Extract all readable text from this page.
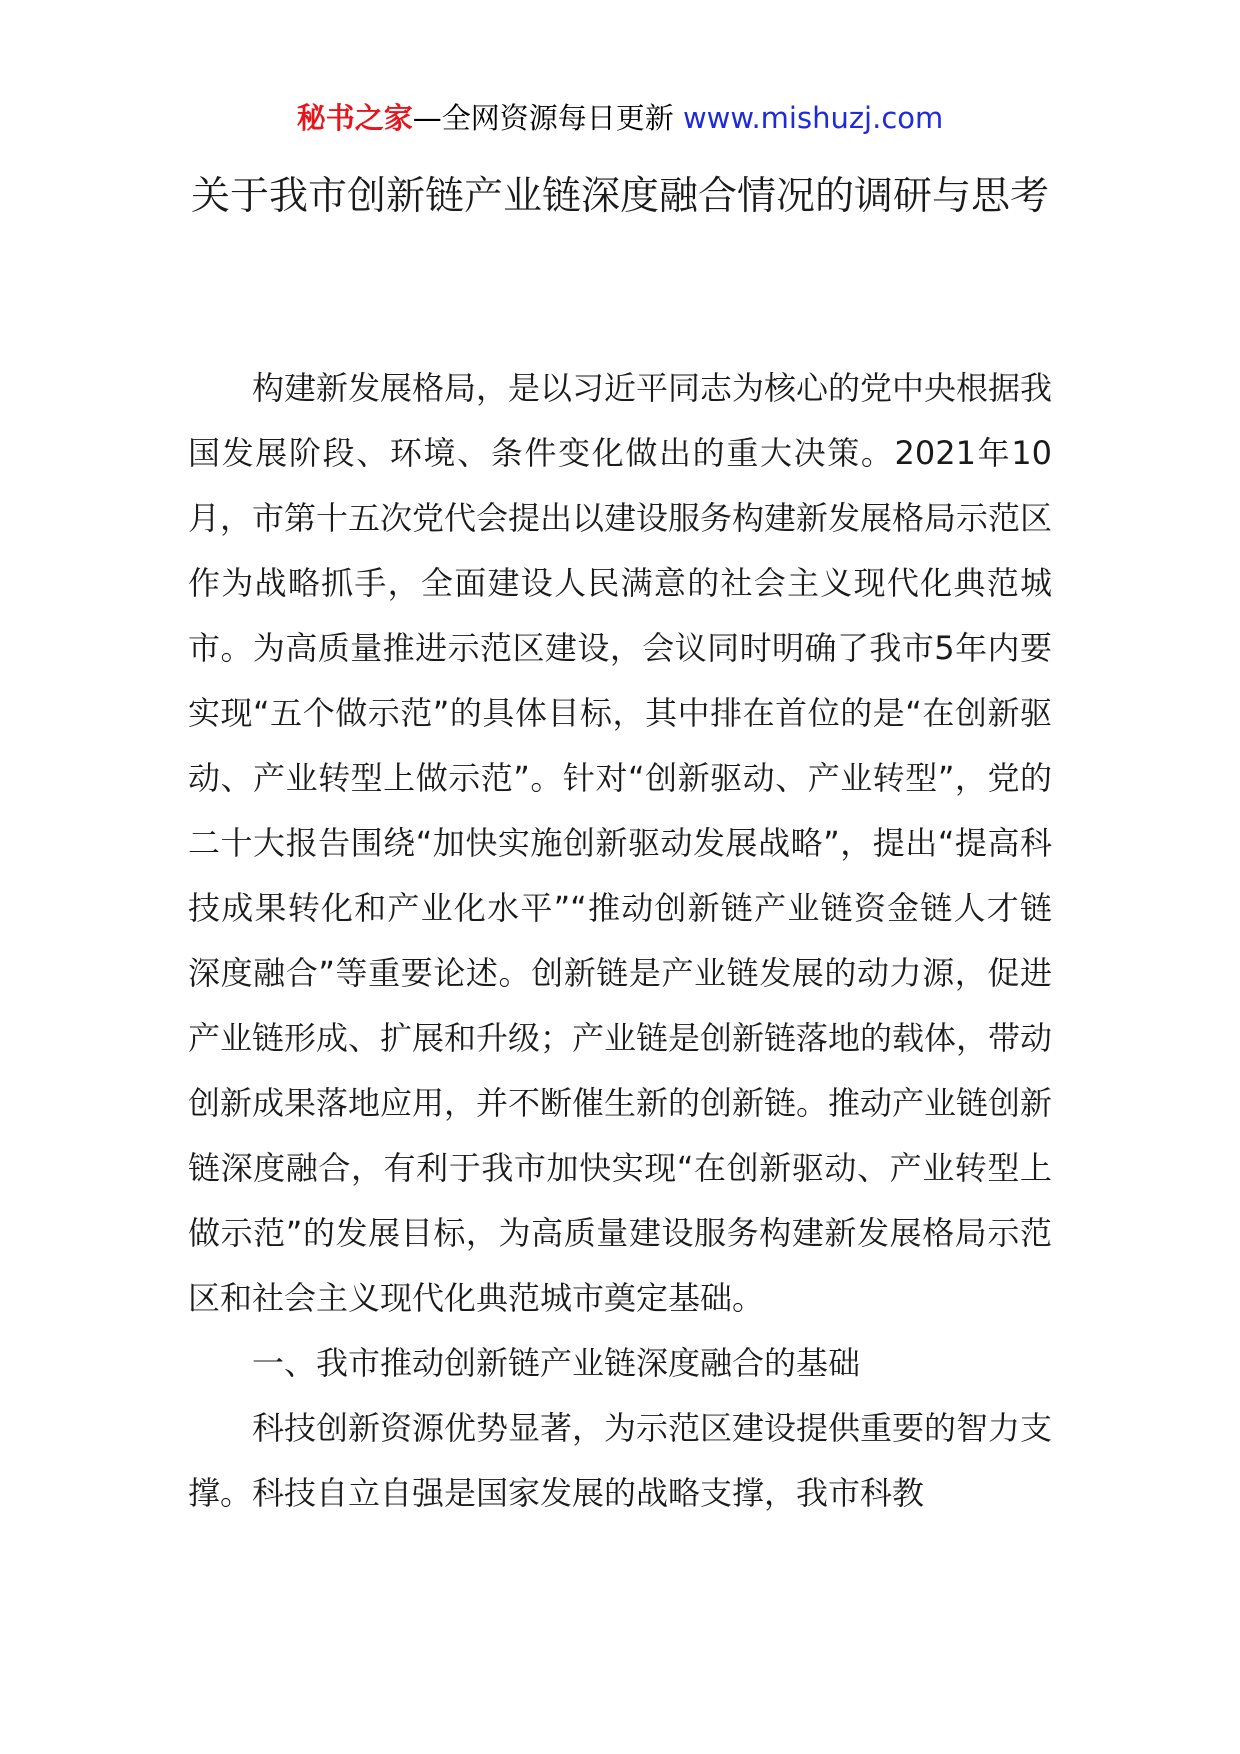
秘书之家—全网资源每日更新 www.mishuzj.com
关于我市创新链产业链深度融合情况的调研与思考

构建新发展格局，是以习近平同志为核心的党中央根据我国发展阶段、环境、条件变化做出的重大决策。2021年10月，市第十五次党代会提出以建设服务构建新发展格局示范区作为战略抓手，全面建设人民满意的社会主义现代化典范城市。为高质量推进示范区建设，会议同时明确了我市5年内要实现“五个做示范”的具体目标，其中排在首位的是“在创新驱动、产业转型上做示范”。针对“创新驱动、产业转型”，党的二十大报告围绕“加快实施创新驱动发展战略”，提出“提高科技成果转化和产业化水平”“推动创新链产业链资金链人才链深度融合”等重要论述。创新链是产业链发展的动力源，促进产业链形成、扩展和升级；产业链是创新链落地的载体，带动创新成果落地应用，并不断催生新的创新链。推动产业链创新链深度融合，有利于我市加快实现“在创新驱动、产业转型上做示范”的发展目标，为高质量建设服务构建新发展格局示范区和社会主义现代化典范城市奠定基础。

一、我市推动创新链产业链深度融合的基础

科技创新资源优势显著，为示范区建设提供重要的智力支撑。科技自立自强是国家发展的战略支撑，我市科教
